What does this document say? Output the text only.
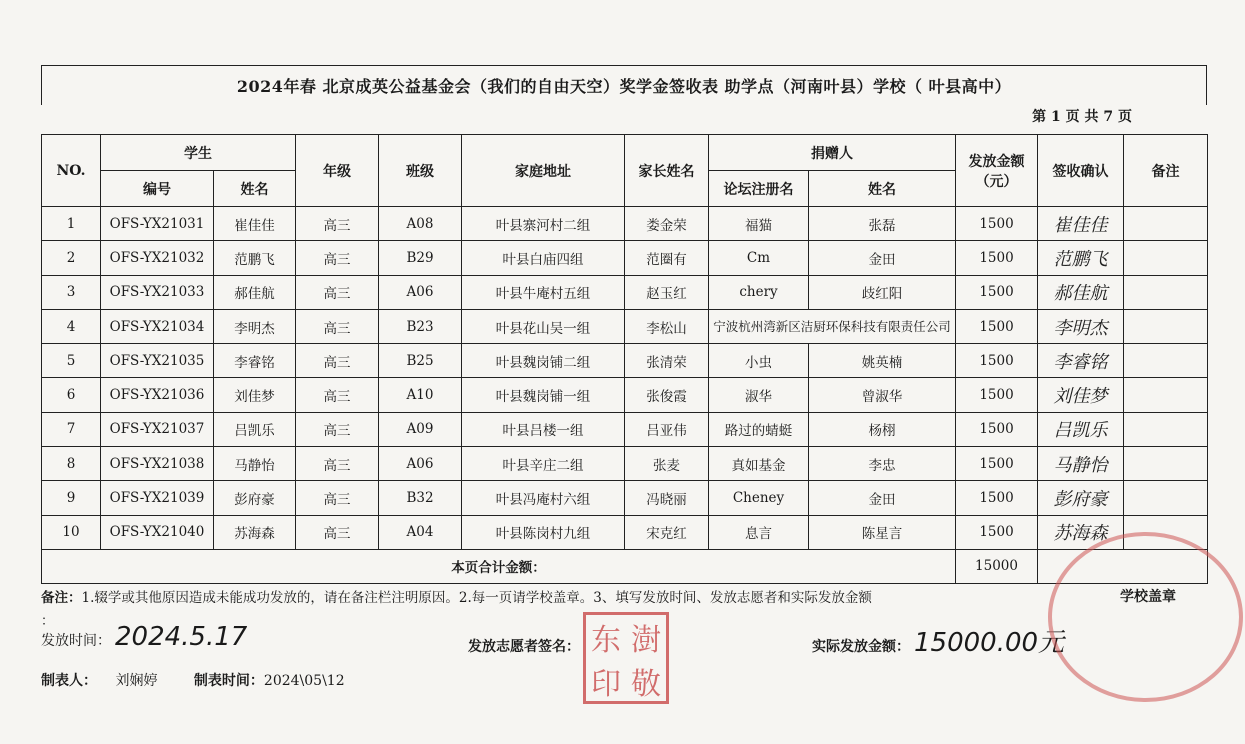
2024年春 北京成英公益基金会（我们的自由天空）奖学金签收表 助学点（河南叶县）学校（ 叶县高中）
第 1 页 共 7 页
NO.	学生		年级	班级	家庭地址	家长姓名	捐赠人		发放金额（元）	签收确认	备注
	编号	姓名					论坛注册名	姓名			
1	OFS-YX21031	崔佳佳	高三	A08	叶县寨河村二组	娄金荣	福猫	张磊	1500	崔佳佳	
2	OFS-YX21032	范鹏飞	高三	B29	叶县白庙四组	范圈有	Cm	金田	1500	范鹏飞	
3	OFS-YX21033	郝佳航	高三	A06	叶县牛庵村五组	赵玉红	chery	歧红阳	1500	郝佳航	
4	OFS-YX21034	李明杰	高三	B23	叶县花山吴一组	李松山	宁波杭州湾新区洁厨环保科技有限责任公司		1500	李明杰	
5	OFS-YX21035	李睿铭	高三	B25	叶县魏岗铺二组	张清荣	小虫	姚英楠	1500	李睿铭	
6	OFS-YX21036	刘佳梦	高三	A10	叶县魏岗铺一组	张俊霞	淑华	曾淑华	1500	刘佳梦	
7	OFS-YX21037	吕凯乐	高三	A09	叶县吕楼一组	吕亚伟	路过的蜻蜓	杨栩	1500	吕凯乐	
8	OFS-YX21038	马静怡	高三	A06	叶县辛庄二组	张麦	真如基金	李忠	1500	马静怡	
9	OFS-YX21039	彭府豪	高三	B32	叶县冯庵村六组	冯晓丽	Cheney	金田	1500	彭府豪	
10	OFS-YX21040	苏海森	高三	A04	叶县陈岗村九组	宋克红	息言	陈星言	1500	苏海森	
本页合计金额：									15000		
备注：1.辍学或其他原因造成未能成功发放的，请在备注栏注明原因。2.每一页请学校盖章。3、填写发放时间、发放志愿者和实际发放金额	学校盖章
：
发放时间： 2024.5.17	发放志愿者签名： 东 澍
印 敬
实际发放金额： 15000.00元
制表人： 刘娴婷	制表时间：2024\05\12
